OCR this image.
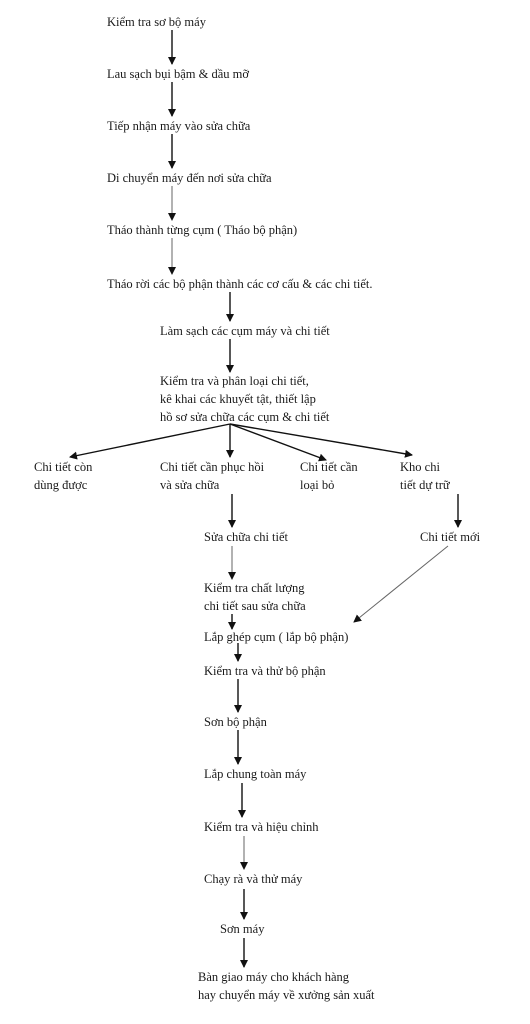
Kiểm tra sơ bộ máy
Lau sạch bụi bậm & dầu mỡ
Tiếp nhận máy vào sửa chữa
Di chuyển máy đến nơi sửa chữa
Tháo thành từng cụm ( Tháo bộ phận)
Tháo rời các bộ phận thành các cơ cấu & các chi tiết.
Làm sạch các cụm máy và chi tiết
Kiểm tra và phân loại chi tiết,
kê khai các khuyết tật, thiết lập
hồ sơ sửa chữa các cụm & chi tiết
Chi tiết còn
dùng được
Chi tiết cần phục hồi
và sửa chữa
Chi tiết cần
loại bỏ
Kho chi
tiết dự trữ
Sửa chữa chi tiết	Chi tiết mới
Kiểm tra chất lượng
chi tiết sau sửa chữa
Lắp ghép cụm ( lắp bộ phận)
Kiểm tra và thử bộ phận
Sơn bộ phận
Lắp chung toàn máy
Kiểm tra và hiệu chỉnh
Chạy rà và thử máy
Sơn máy
Bàn giao máy cho khách hàng
hay chuyển máy về xưởng sản xuất
